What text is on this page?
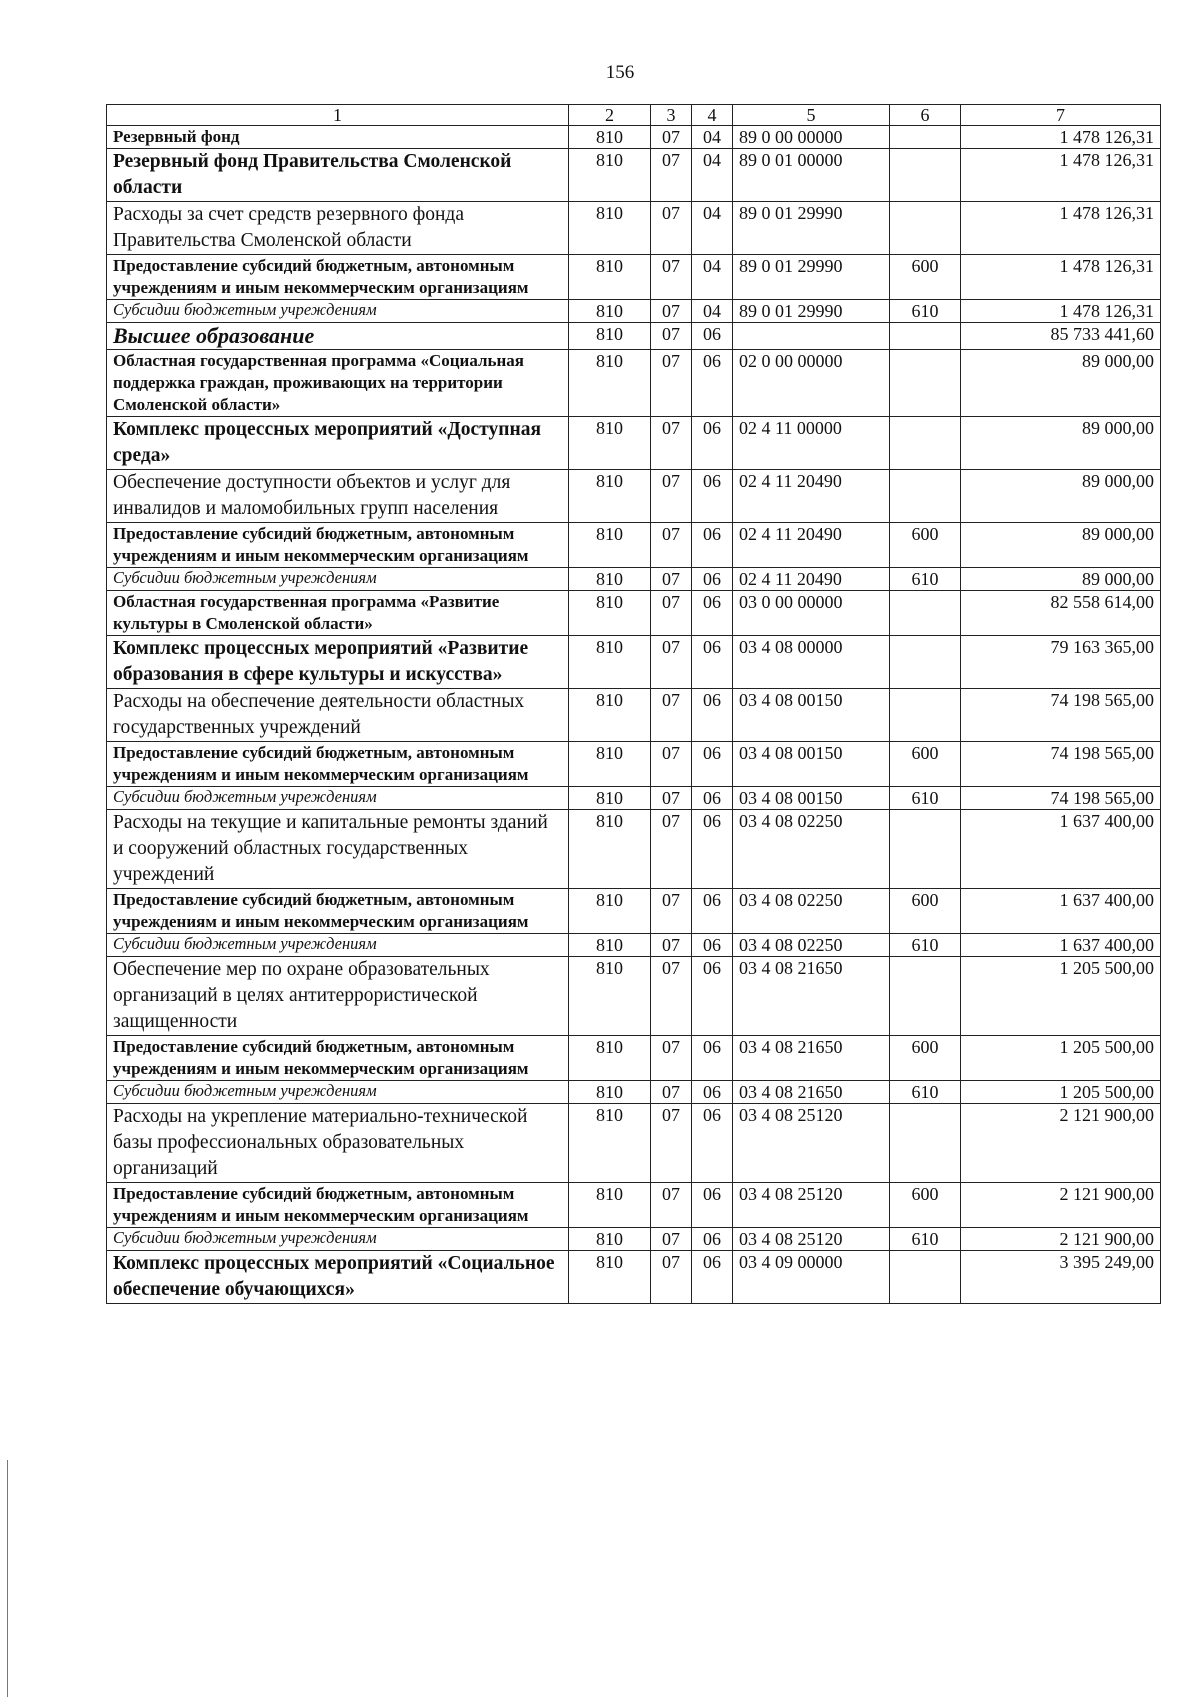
156
1	2	3	4	5	6	7
Резервный фонд	810	07	04	89 0 00 00000		1 478 126,31
Резервный фонд Правительства Смоленской области	810	07	04	89 0 01 00000		1 478 126,31
Расходы за счет средств резервного фонда Правительства Смоленской области	810	07	04	89 0 01 29990		1 478 126,31
Предоставление субсидий бюджетным, автономным учреждениям и иным некоммерческим организациям	810	07	04	89 0 01 29990	600	1 478 126,31
Субсидии бюджетным учреждениям	810	07	04	89 0 01 29990	610	1 478 126,31
Высшее образование	810	07	06			85 733 441,60
Областная государственная программа «Социальная поддержка граждан, проживающих на территории Смоленской области»	810	07	06	02 0 00 00000		89 000,00
Комплекс процессных мероприятий «Доступная среда»	810	07	06	02 4 11 00000		89 000,00
Обеспечение доступности объектов и услуг для инвалидов и маломобильных групп населения	810	07	06	02 4 11 20490		89 000,00
Предоставление субсидий бюджетным, автономным учреждениям и иным некоммерческим организациям	810	07	06	02 4 11 20490	600	89 000,00
Субсидии бюджетным учреждениям	810	07	06	02 4 11 20490	610	89 000,00
Областная государственная программа «Развитие культуры в Смоленской области»	810	07	06	03 0 00 00000		82 558 614,00
Комплекс процессных мероприятий «Развитие образования в сфере культуры и искусства»	810	07	06	03 4 08 00000		79 163 365,00
Расходы на обеспечение деятельности областных государственных учреждений	810	07	06	03 4 08 00150		74 198 565,00
Предоставление субсидий бюджетным, автономным учреждениям и иным некоммерческим организациям	810	07	06	03 4 08 00150	600	74 198 565,00
Субсидии бюджетным учреждениям	810	07	06	03 4 08 00150	610	74 198 565,00
Расходы на текущие и капитальные ремонты зданий и сооружений областных государственных учреждений	810	07	06	03 4 08 02250		1 637 400,00
Предоставление субсидий бюджетным, автономным учреждениям и иным некоммерческим организациям	810	07	06	03 4 08 02250	600	1 637 400,00
Субсидии бюджетным учреждениям	810	07	06	03 4 08 02250	610	1 637 400,00
Обеспечение мер по охране образовательных организаций в целях антитеррористической защищенности	810	07	06	03 4 08 21650		1 205 500,00
Предоставление субсидий бюджетным, автономным учреждениям и иным некоммерческим организациям	810	07	06	03 4 08 21650	600	1 205 500,00
Субсидии бюджетным учреждениям	810	07	06	03 4 08 21650	610	1 205 500,00
Расходы на укрепление материально-технической базы профессиональных образовательных организаций	810	07	06	03 4 08 25120		2 121 900,00
Предоставление субсидий бюджетным, автономным учреждениям и иным некоммерческим организациям	810	07	06	03 4 08 25120	600	2 121 900,00
Субсидии бюджетным учреждениям	810	07	06	03 4 08 25120	610	2 121 900,00
Комплекс процессных мероприятий «Социальное обеспечение обучающихся»	810	07	06	03 4 09 00000		3 395 249,00
